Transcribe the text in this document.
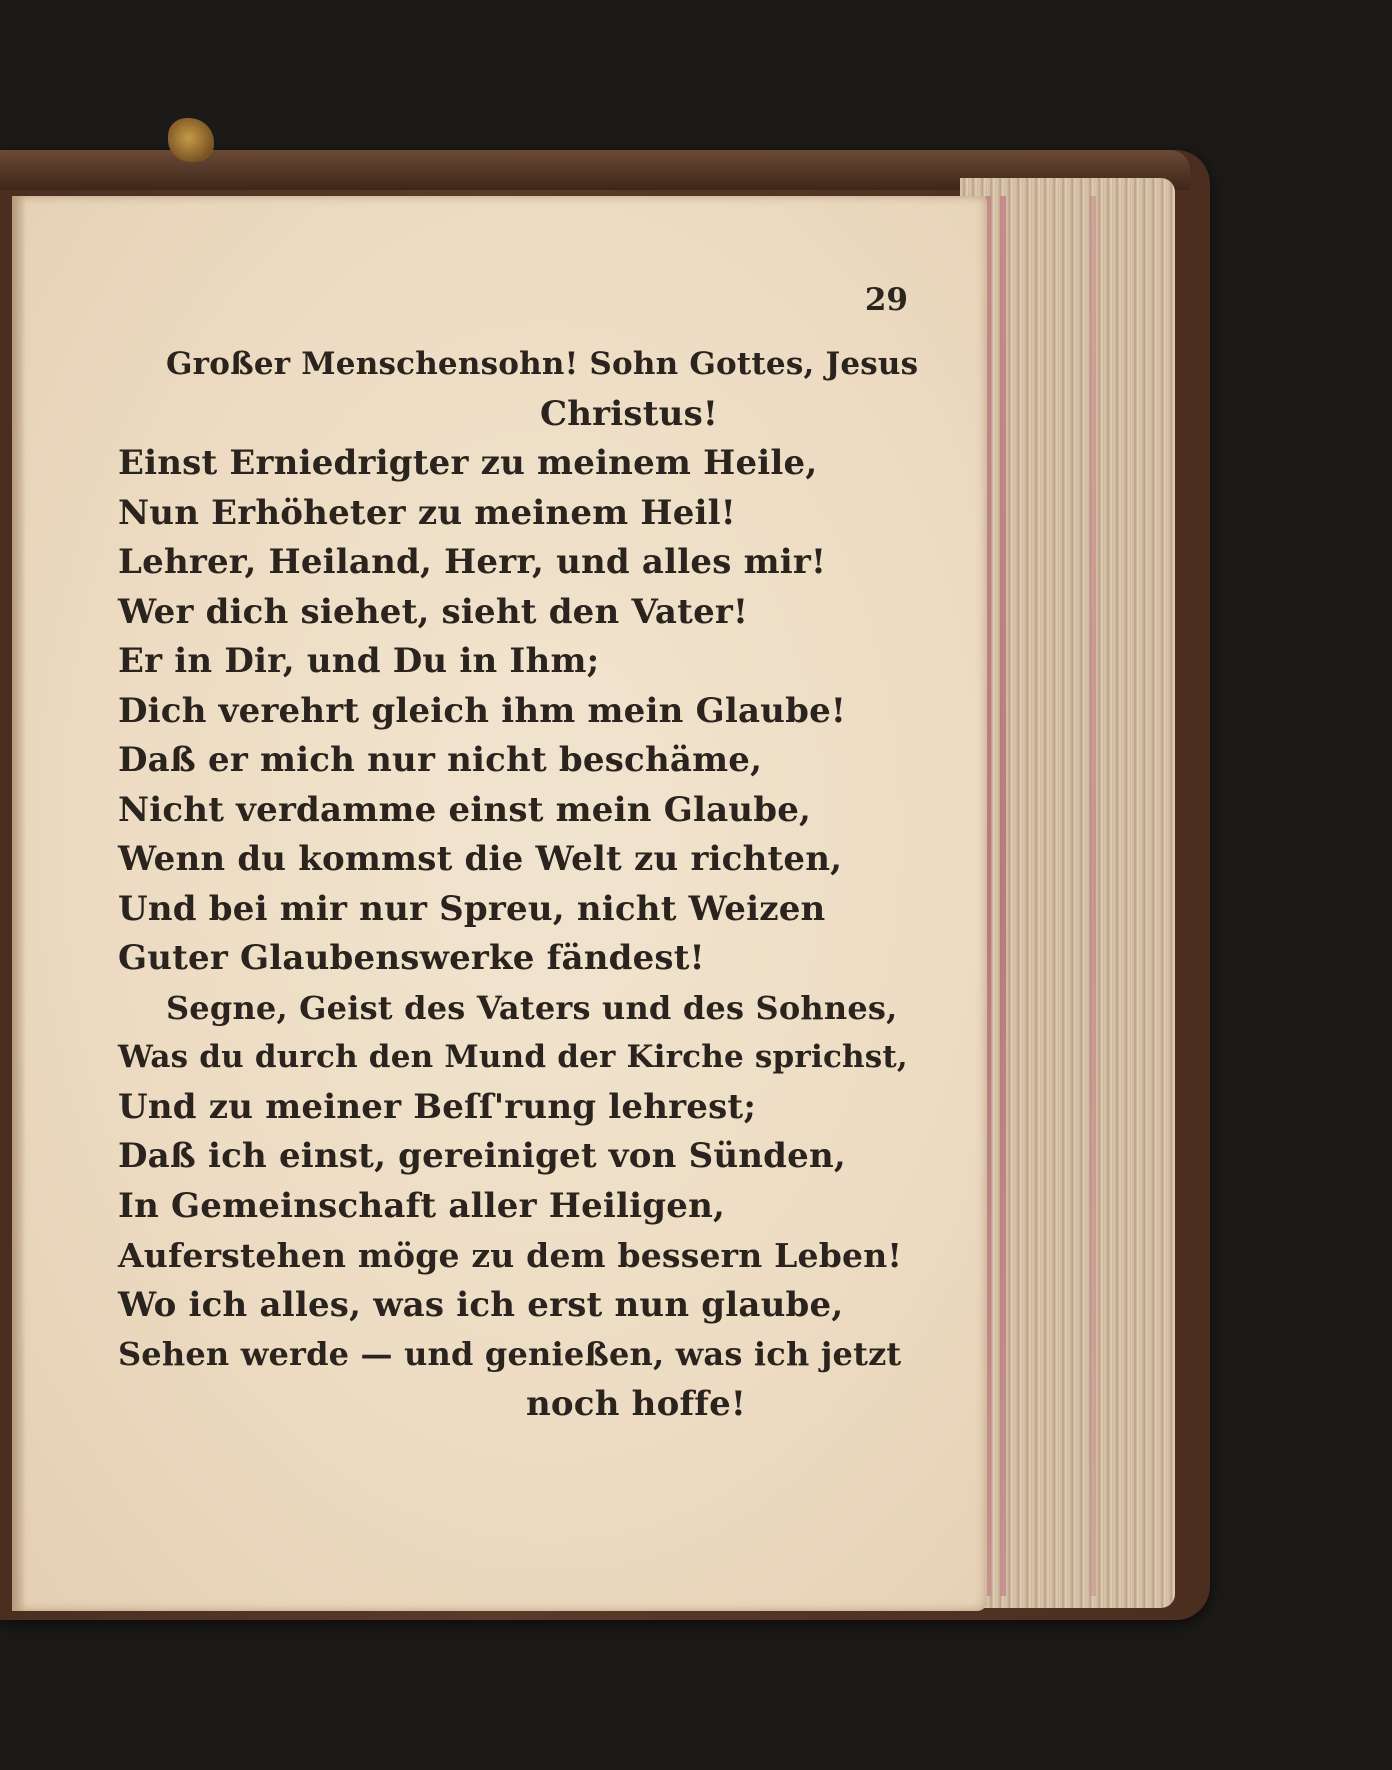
29
Großer Menschensohn! Sohn Gottes, Jesus
Christus!
Einst Erniedrigter zu meinem Heile,
Nun Erhöheter zu meinem Heil!
Lehrer, Heiland, Herr, und alles mir!
Wer dich siehet, sieht den Vater!
Er in Dir, und Du in Ihm;
Dich verehrt gleich ihm mein Glaube!
Daß er mich nur nicht beschäme,
Nicht verdamme einst mein Glaube,
Wenn du kommst die Welt zu richten,
Und bei mir nur Spreu, nicht Weizen
Guter Glaubenswerke fändest!
Segne, Geist des Vaters und des Sohnes,
Was du durch den Mund der Kirche sprichst,
Und zu meiner Beſſ'rung lehrest;
Daß ich einst, gereiniget von Sünden,
In Gemeinschaft aller Heiligen,
Auferstehen möge zu dem bessern Leben!
Wo ich alles, was ich erst nun glaube,
Sehen werde — und genießen, was ich jetzt
noch hoffe!
